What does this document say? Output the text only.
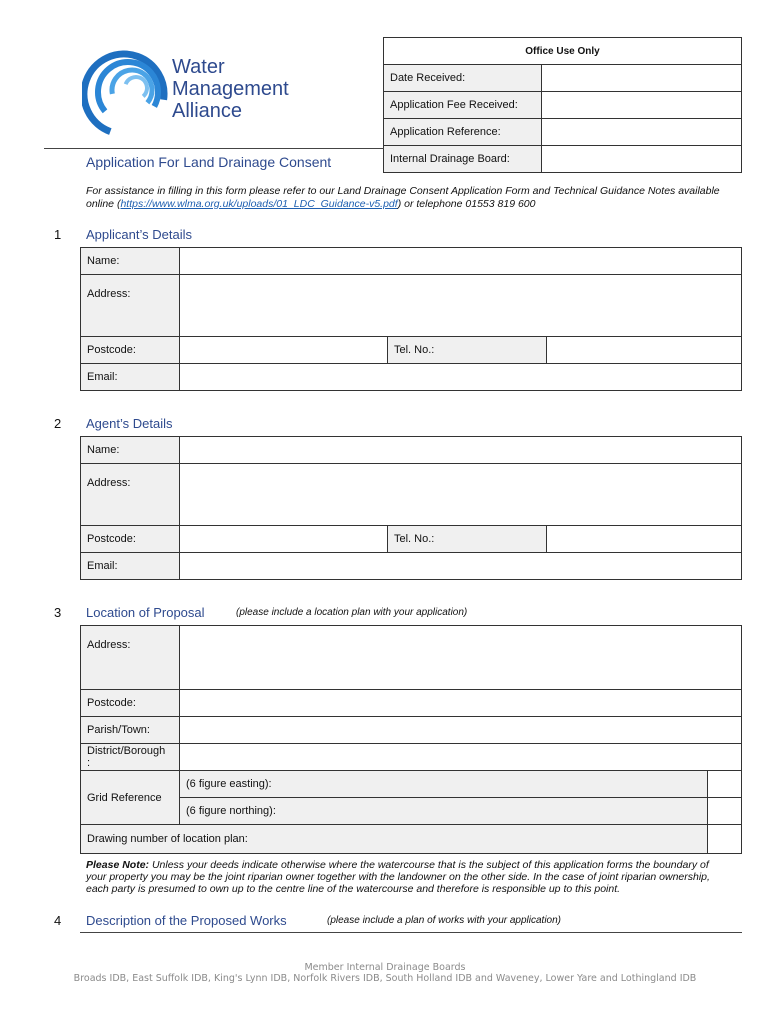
Water
Management
Alliance
Office Use Only	
Date Received:	
Application Fee Received:	
Application Reference:	
Internal Drainage Board:	
Application For Land Drainage Consent
For assistance in filling in this form please refer to our Land Drainage Consent Application Form and Technical Guidance Notes available online (https://www.wlma.org.uk/uploads/01_LDC_Guidance-v5.pdf) or telephone 01553 819 600
1 Applicant’s Details
Name:			
Address:			
Postcode:		Tel. No.:	
Email:			
2 Agent’s Details
Name:			
Address:			
Postcode:		Tel. No.:	
Email:			
3 Location of Proposal	(please include a location plan with your application)
Address:		
Postcode:		
Parish/Town:		
District/Borough
:		
Grid Reference	(6 figure easting):	
	(6 figure northing):	
Drawing number of location plan:		
Please Note: Unless your deeds indicate otherwise where the watercourse that is the subject of this application forms the boundary of your property you may be the joint riparian owner together with the landowner on the other side. In the case of joint riparian ownership, each party is presumed to own up to the centre line of the watercourse and therefore is responsible up to this point.
4 Description of the Proposed Works	(please include a plan of works with your application)
Member Internal Drainage Boards
Broads IDB, East Suffolk IDB, King's Lynn IDB, Norfolk Rivers IDB, South Holland IDB and Waveney, Lower Yare and Lothingland IDB
